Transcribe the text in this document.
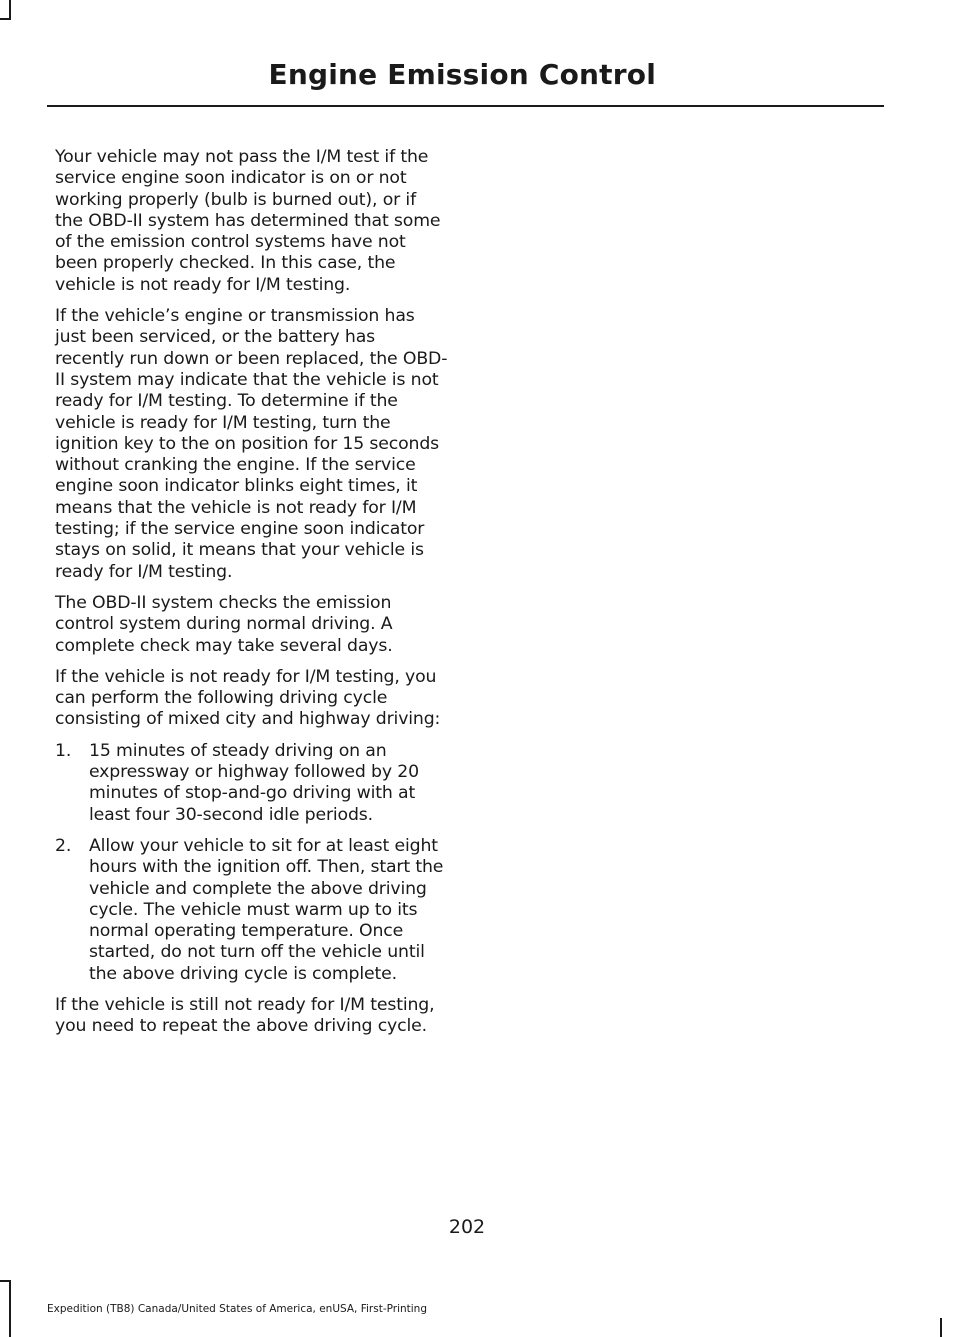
Engine Emission Control

Your vehicle may not pass the I/M test if the service engine soon indicator is on or not working properly (bulb is burned out), or if the OBD-II system has determined that some of the emission control systems have not been properly checked. In this case, the vehicle is not ready for I/M testing.

If the vehicle’s engine or transmission has just been serviced, or the battery has recently run down or been replaced, the OBD-II system may indicate that the vehicle is not ready for I/M testing. To determine if the vehicle is ready for I/M testing, turn the ignition key to the on position for 15 seconds without cranking the engine. If the service engine soon indicator blinks eight times, it means that the vehicle is not ready for I/M testing; if the service engine soon indicator stays on solid, it means that your vehicle is ready for I/M testing.

The OBD-II system checks the emission control system during normal driving. A complete check may take several days.

If the vehicle is not ready for I/M testing, you can perform the following driving cycle consisting of mixed city and highway driving:

1. 15 minutes of steady driving on an expressway or highway followed by 20 minutes of stop-and-go driving with at least four 30-second idle periods.
2. Allow your vehicle to sit for at least eight hours with the ignition off. Then, start the vehicle and complete the above driving cycle. The vehicle must warm up to its normal operating temperature. Once started, do not turn off the vehicle until the above driving cycle is complete.

If the vehicle is still not ready for I/M testing, you need to repeat the above driving cycle.

202
Expedition (TB8) Canada/United States of America, enUSA, First-Printing
